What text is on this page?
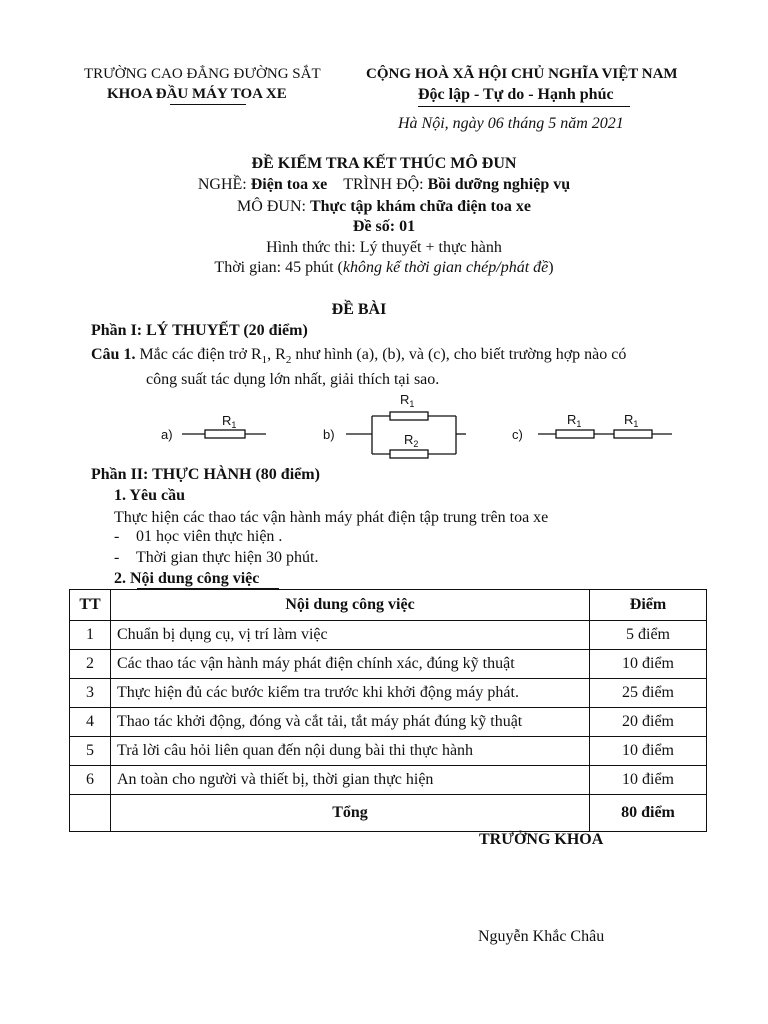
TRƯỜNG CAO ĐẲNG ĐƯỜNG SẮT
KHOA ĐẦU MÁY TOA XE
CỘNG HOÀ XÃ HỘI CHỦ NGHĨA VIỆT NAM
Độc lập - Tự do - Hạnh phúc
Hà Nội, ngày 06 tháng 5 năm 2021
ĐỀ KIỂM TRA KẾT THÚC MÔ ĐUN
NGHỀ: Điện toa xe TRÌNH ĐỘ: Bồi dưỡng nghiệp vụ
MÔ ĐUN: Thực tập khám chữa điện toa xe
Đề số: 01
Hình thức thi: Lý thuyết + thực hành
Thời gian: 45 phút (không kể thời gian chép/phát đề)
ĐỀ BÀI
Phần I: LÝ THUYẾT (20 điểm)
Câu 1. Mắc các điện trở $R_1$, $R_2$ như hình (a), (b), và (c), cho biết trường hợp nào có
công suất tác dụng lớn nhất, giải thích tại sao.
a)
$R_1$
b)
$R_1$
$R_2$
c)
$R_1$	$R_1$
Phần II: THỰC HÀNH (80 điểm)
1. Yêu cầu
Thực hiện các thao tác vận hành máy phát điện tập trung trên toa xe
- 01 học viên thực hiện .
- Thời gian thực hiện 30 phút.
2. Nội dung công việc
TT	Nội dung công việc	Điểm
1	Chuẩn bị dụng cụ, vị trí làm việc	5 điểm
2	Các thao tác vận hành máy phát điện chính xác, đúng kỹ thuật	10 điểm
3	Thực hiện đủ các bước kiểm tra trước khi khởi động máy phát.	25 điểm
4	Thao tác khởi động, đóng và cắt tải, tắt máy phát đúng kỹ thuật	20 điểm
5	Trả lời câu hỏi liên quan đến nội dung bài thi thực hành	10 điểm
6	An toàn cho người và thiết bị, thời gian thực hiện	10 điểm
	Tổng	80 điểm
TRƯỞNG KHOA
Nguyễn Khắc Châu
